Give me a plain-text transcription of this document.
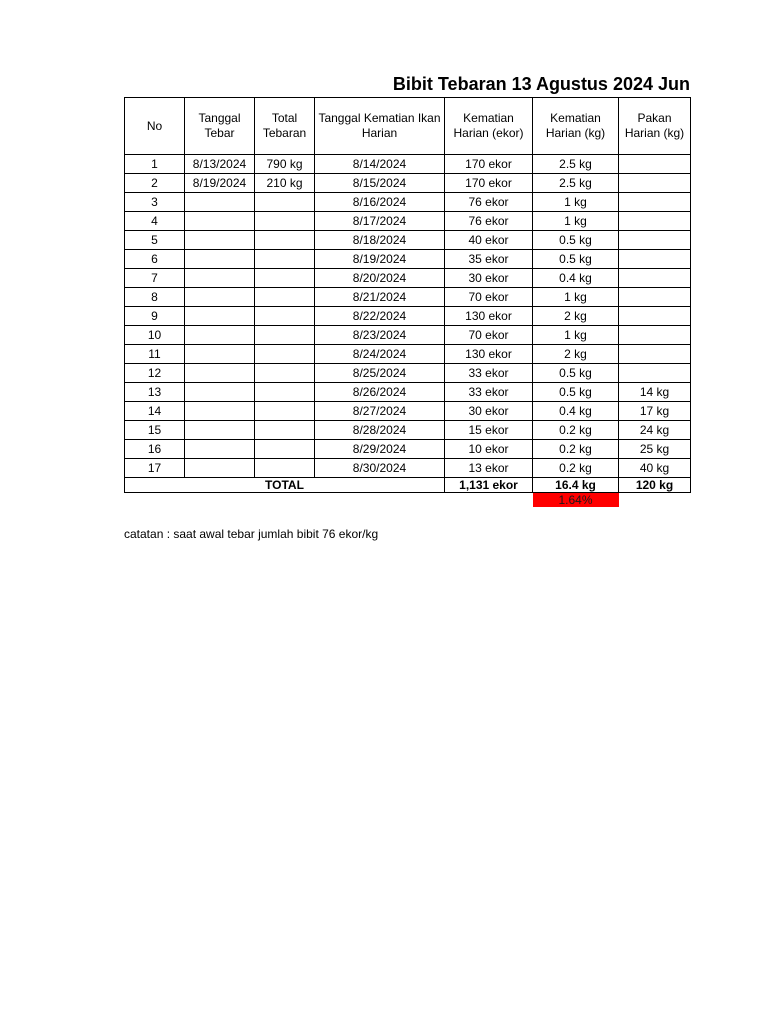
Bibit Tebaran 13 Agustus 2024 Jun
No	Tanggal Tebar	Total Tebaran	Tanggal Kematian Ikan Harian	Kematian Harian (ekor)	Kematian Harian (kg)	Pakan Harian (kg)
1	8/13/2024	790 kg	8/14/2024	170 ekor	2.5 kg	
2	8/19/2024	210 kg	8/15/2024	170 ekor	2.5 kg	
3			8/16/2024	76 ekor	1 kg	
4			8/17/2024	76 ekor	1 kg	
5			8/18/2024	40 ekor	0.5 kg	
6			8/19/2024	35 ekor	0.5 kg	
7			8/20/2024	30 ekor	0.4 kg	
8			8/21/2024	70 ekor	1 kg	
9			8/22/2024	130 ekor	2 kg	
10			8/23/2024	70 ekor	1 kg	
11			8/24/2024	130 ekor	2 kg	
12			8/25/2024	33 ekor	0.5 kg	
13			8/26/2024	33 ekor	0.5 kg	14 kg
14			8/27/2024	30 ekor	0.4 kg	17 kg
15			8/28/2024	15 ekor	0.2 kg	24 kg
16			8/29/2024	10 ekor	0.2 kg	25 kg
17			8/30/2024	13 ekor	0.2 kg	40 kg
TOTAL				1,131 ekor	16.4 kg	120 kg
					1.64%	
catatan : saat awal tebar jumlah bibit 76 ekor/kg
